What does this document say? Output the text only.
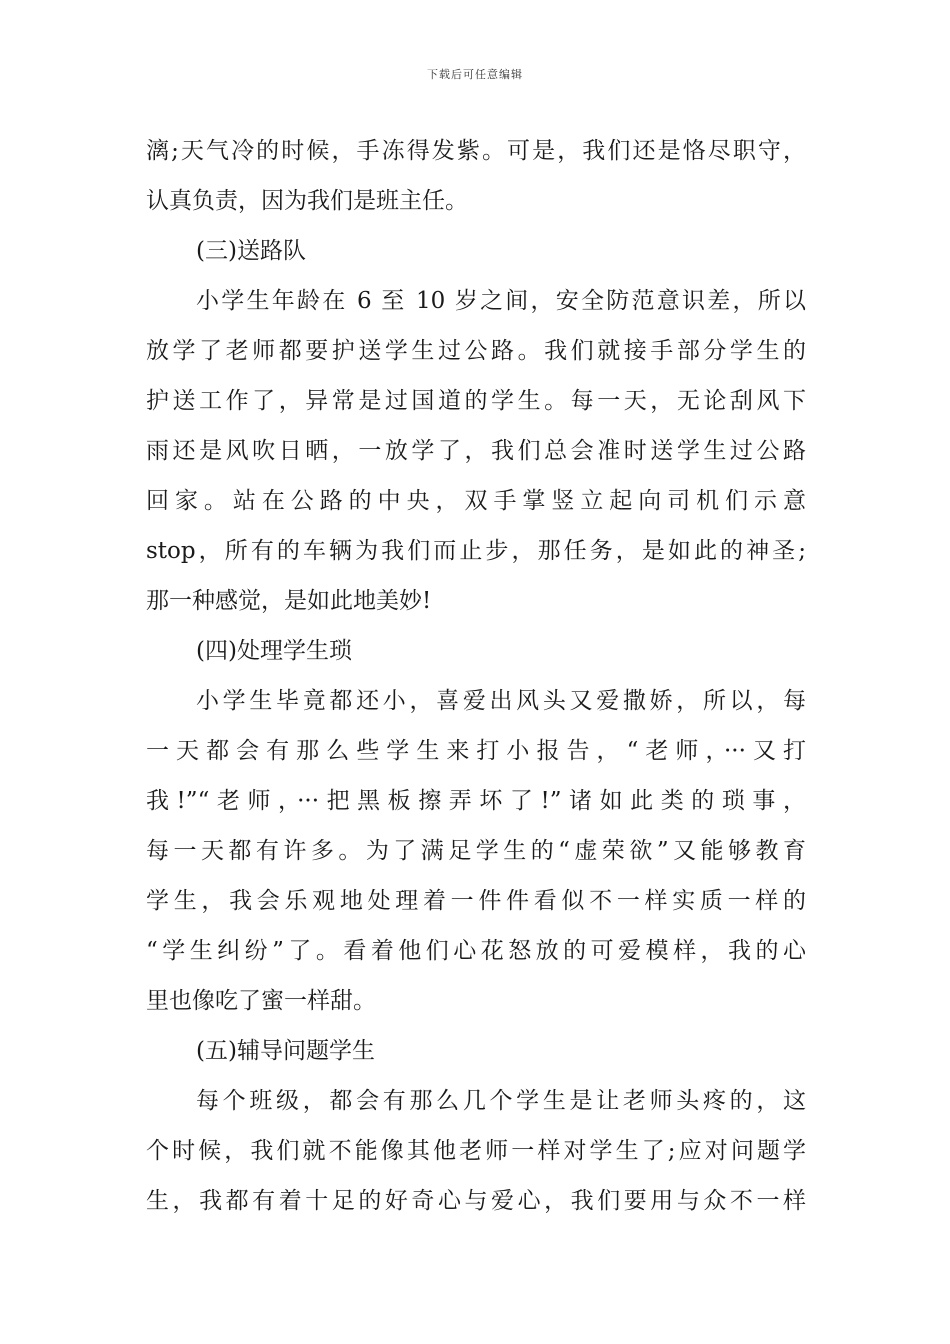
下载后可任意编辑
漓;天气冷的时候，手冻得发紫。可是，我们还是恪尽职守，
认真负责，因为我们是班主任。
(三)送路队
小学生年龄在 6 至 10 岁之间，安全防范意识差，所以
放学了老师都要护送学生过公路。我们就接手部分学生的
护送工作了，异常是过国道的学生。每一天，无论刮风下
雨还是风吹日晒，一放学了，我们总会准时送学生过公路
回家。站在公路的中央，双手掌竖立起向司机们示意
stop，所有的车辆为我们而止步，那任务，是如此的神圣;
那一种感觉，是如此地美妙!
(四)处理学生琐
小学生毕竟都还小，喜爱出风头又爱撒娇，所以，每
一天都会有那么些学生来打小报告，“老师，···又打
我!”“老师，···把黑板擦弄坏了!”诸如此类的琐事，
每一天都有许多。为了满足学生的“虚荣欲”又能够教育
学生，我会乐观地处理着一件件看似不一样实质一样的
“学生纠纷”了。看着他们心花怒放的可爱模样，我的心
里也像吃了蜜一样甜。
(五)辅导问题学生
每个班级，都会有那么几个学生是让老师头疼的，这
个时候，我们就不能像其他老师一样对学生了;应对问题学
生，我都有着十足的好奇心与爱心，我们要用与众不一样
